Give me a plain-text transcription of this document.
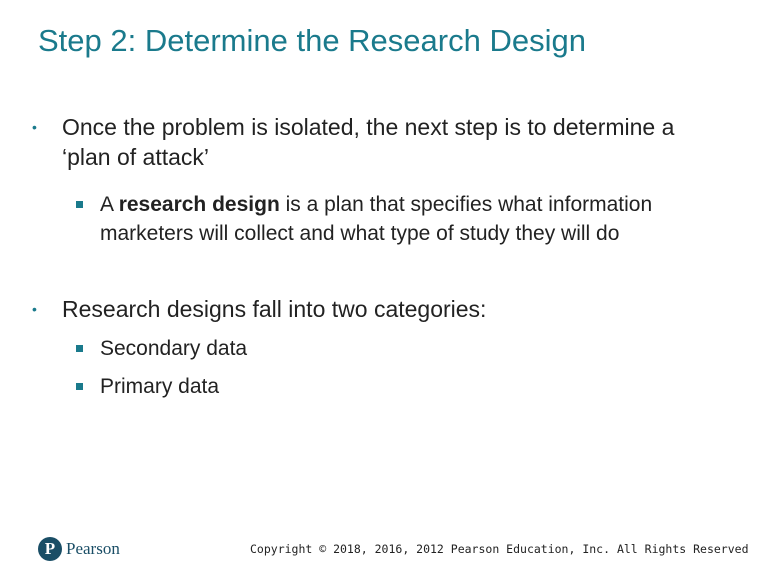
Step 2: Determine the Research Design
•	Once the problem is isolated, the next step is to determine a ‘plan of attack’
A research design is a plan that specifies what information marketers will collect and what type of study they will do
•	Research designs fall into two categories:
Secondary data
Primary data
P Pearson	Copyright © 2018, 2016, 2012 Pearson Education, Inc. All Rights Reserved
